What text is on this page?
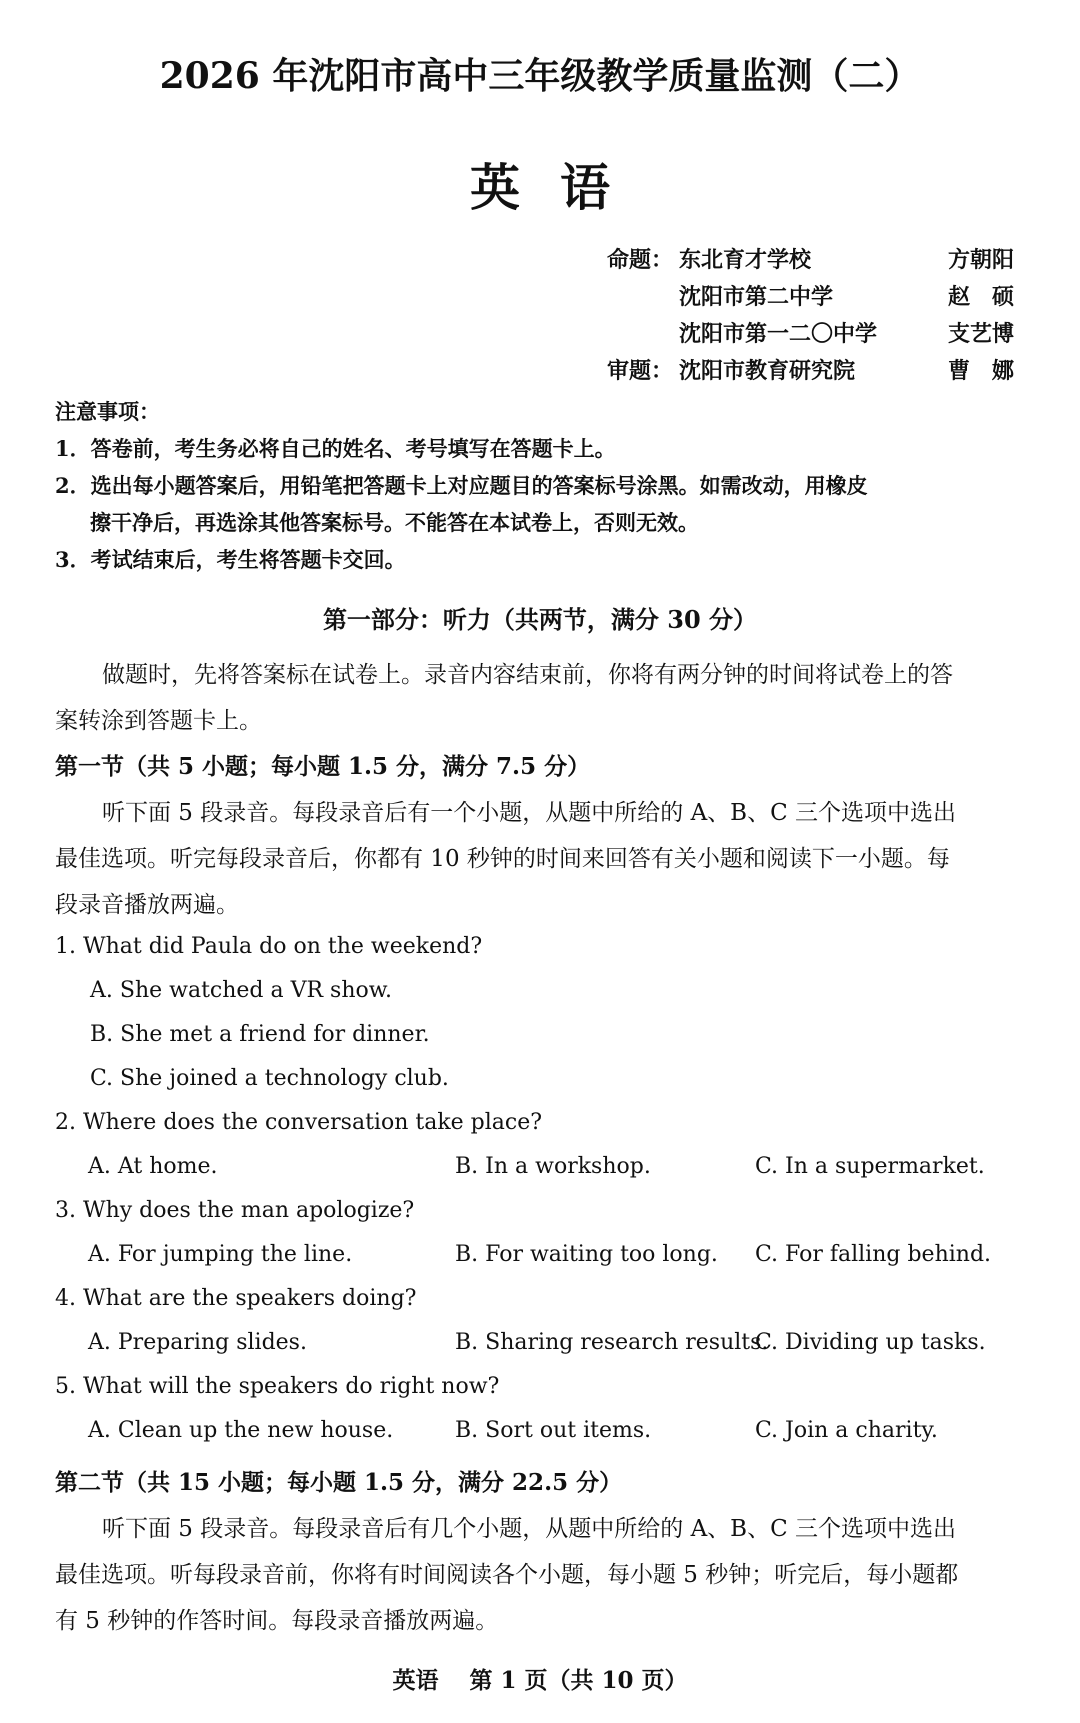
2026 年沈阳市高中三年级教学质量监测（二）
英语
命题： 东北育才学校	方朝阳
沈阳市第二中学	赵　硕
沈阳市第一二〇中学	支艺博
审题： 沈阳市教育研究院	曹　娜
注意事项：
1．答卷前，考生务必将自己的姓名、考号填写在答题卡上。
2．选出每小题答案后，用铅笔把答题卡上对应题目的答案标号涂黑。如需改动，用橡皮
擦干净后，再选涂其他答案标号。不能答在本试卷上，否则无效。
3．考试结束后，考生将答题卡交回。
第一部分：听力（共两节，满分 30 分）
做题时，先将答案标在试卷上。录音内容结束前，你将有两分钟的时间将试卷上的答
案转涂到答题卡上。
第一节（共 5 小题；每小题 1.5 分，满分 7.5 分）
听下面 5 段录音。每段录音后有一个小题，从题中所给的 A、B、C 三个选项中选出
最佳选项。听完每段录音后，你都有 10 秒钟的时间来回答有关小题和阅读下一小题。每
段录音播放两遍。
1. What did Paula do on the weekend?
A. She watched a VR show.
B. She met a friend for dinner.
C. She joined a technology club.
2. Where does the conversation take place?
A. At home.	B. In a workshop.	C. In a supermarket.
3. Why does the man apologize?
A. For jumping the line.	B. For waiting too long. C. For falling behind.
4. What are the speakers doing?
A. Preparing slides.	B. Sharing research results.
C. Dividing up tasks.
5. What will the speakers do right now?
A. Clean up the new house.	B. Sort out items.	C. Join a charity.
第二节（共 15 小题；每小题 1.5 分，满分 22.5 分）
听下面 5 段录音。每段录音后有几个小题，从题中所给的 A、B、C 三个选项中选出
最佳选项。听每段录音前，你将有时间阅读各个小题，每小题 5 秒钟；听完后，每小题都
有 5 秒钟的作答时间。每段录音播放两遍。
英语　 第 1 页（共 10 页）
